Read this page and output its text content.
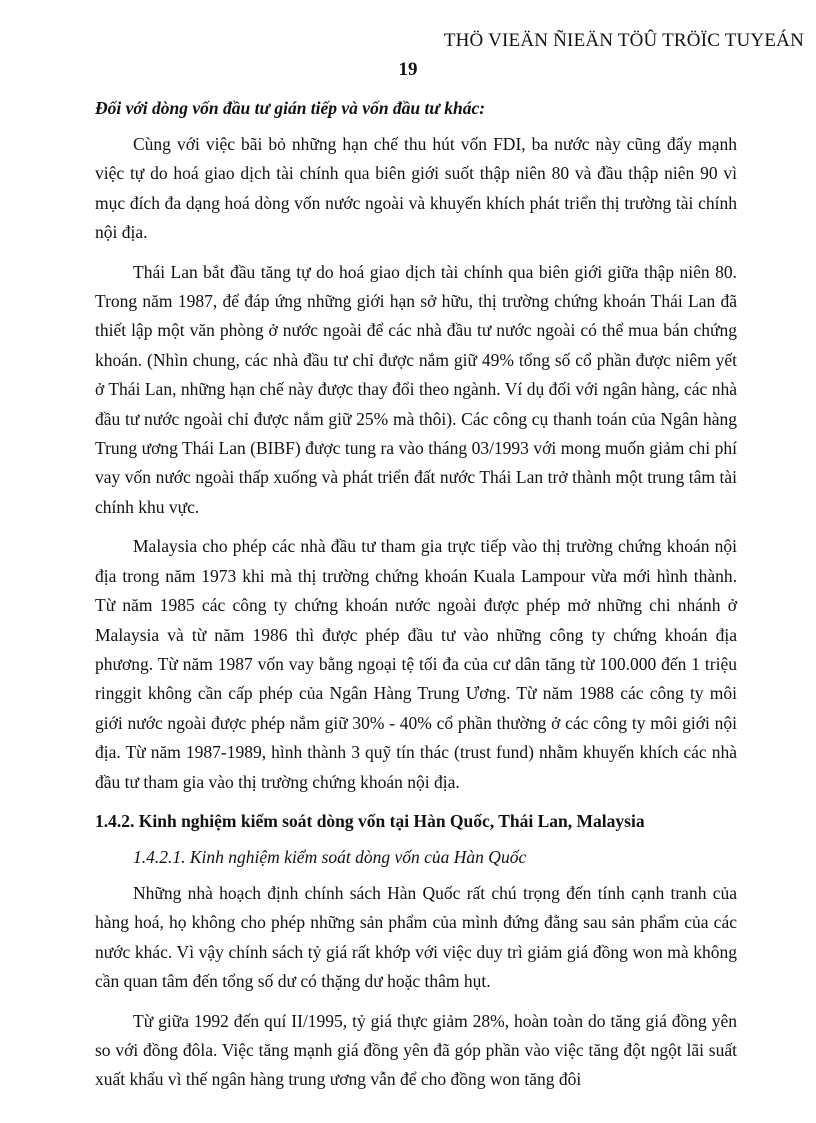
THÖ VIEÄN ÑIEÄN TÖÛ TRÖÏC TUYEÁN
19
Đối với dòng vốn đầu tư gián tiếp và vốn đầu tư khác:

Cùng với việc bãi bỏ những hạn chế thu hút vốn FDI, ba nước này cũng đẩy mạnh việc tự do hoá giao dịch tài chính qua biên giới suốt thập niên 80 và đầu thập niên 90 vì mục đích đa dạng hoá dòng vốn nước ngoài và khuyến khích phát triển thị trường tài chính nội địa.

Thái Lan bắt đầu tăng tự do hoá giao dịch tài chính qua biên giới giữa thập niên 80. Trong năm 1987, để đáp ứng những giới hạn sở hữu, thị trường chứng khoán Thái Lan đã thiết lập một văn phòng ở nước ngoài để các nhà đầu tư nước ngoài có thể mua bán chứng khoán. (Nhìn chung, các nhà đầu tư chỉ được nắm giữ 49% tổng số cổ phần được niêm yết ở Thái Lan, những hạn chế này được thay đổi theo ngành. Ví dụ đối với ngân hàng, các nhà đầu tư nước ngoài chỉ được nắm giữ 25% mà thôi). Các công cụ thanh toán của Ngân hàng Trung ương Thái Lan (BIBF) được tung ra vào tháng 03/1993 với mong muốn giảm chi phí vay vốn nước ngoài thấp xuống và phát triển đất nước Thái Lan trở thành một trung tâm tài chính khu vực.

Malaysia cho phép các nhà đầu tư tham gia trực tiếp vào thị trường chứng khoán nội địa trong năm 1973 khi mà thị trường chứng khoán Kuala Lampour vừa mới hình thành. Từ năm 1985 các công ty chứng khoán nước ngoài được phép mở những chi nhánh ở Malaysia và từ năm 1986 thì được phép đầu tư vào những công ty chứng khoán địa phương. Từ năm 1987 vốn vay bằng ngoại tệ tối đa của cư dân tăng từ 100.000 đến 1 triệu ringgit không cần cấp phép của Ngân Hàng Trung Ương. Từ năm 1988 các công ty môi giới nước ngoài được phép nắm giữ 30% - 40% cổ phần thường ở các công ty môi giới nội địa. Từ năm 1987-1989, hình thành 3 quỹ tín thác (trust fund) nhằm khuyến khích các nhà đầu tư tham gia vào thị trường chứng khoán nội địa.

1.4.2. Kinh nghiệm kiểm soát dòng vốn tại Hàn Quốc, Thái Lan, Malaysia
1.4.2.1. Kinh nghiệm kiểm soát dòng vốn của Hàn Quốc

Những nhà hoạch định chính sách Hàn Quốc rất chú trọng đến tính cạnh tranh của hàng hoá, họ không cho phép những sản phẩm của mình đứng đằng sau sản phẩm của các nước khác. Vì vậy chính sách tỷ giá rất khớp với việc duy trì giảm giá đồng won mà không cần quan tâm đến tổng số dư có thặng dư hoặc thâm hụt.

Từ giữa 1992 đến quí II/1995, tỷ giá thực giảm 28%, hoàn toàn do tăng giá đồng yên so với đồng đôla. Việc tăng mạnh giá đồng yên đã góp phần vào việc tăng đột ngột lãi suất xuất khẩu vì thế ngân hàng trung ương vẫn để cho đồng won tăng đôi
